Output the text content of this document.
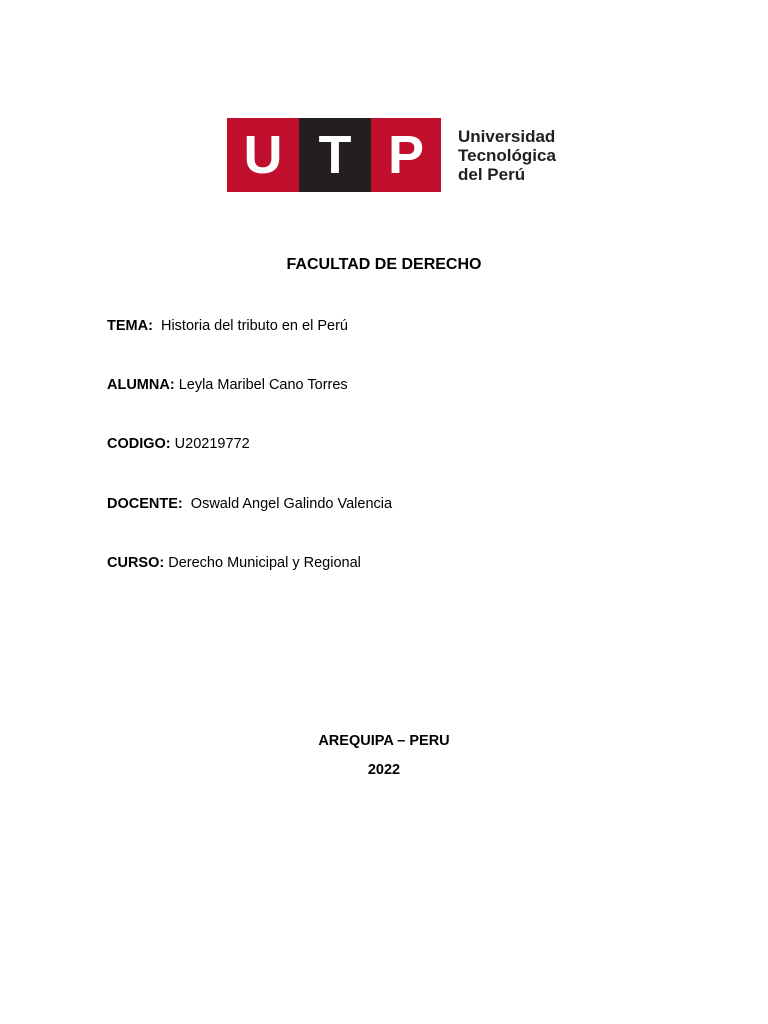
U T P	Universidad
Tecnológica
del Perú
FACULTAD DE DERECHO
TEMA: Historia del tributo en el Perú
ALUMNA: Leyla Maribel Cano Torres
CODIGO: U20219772
DOCENTE: Oswald Angel Galindo Valencia
CURSO: Derecho Municipal y Regional
AREQUIPA – PERU
2022
